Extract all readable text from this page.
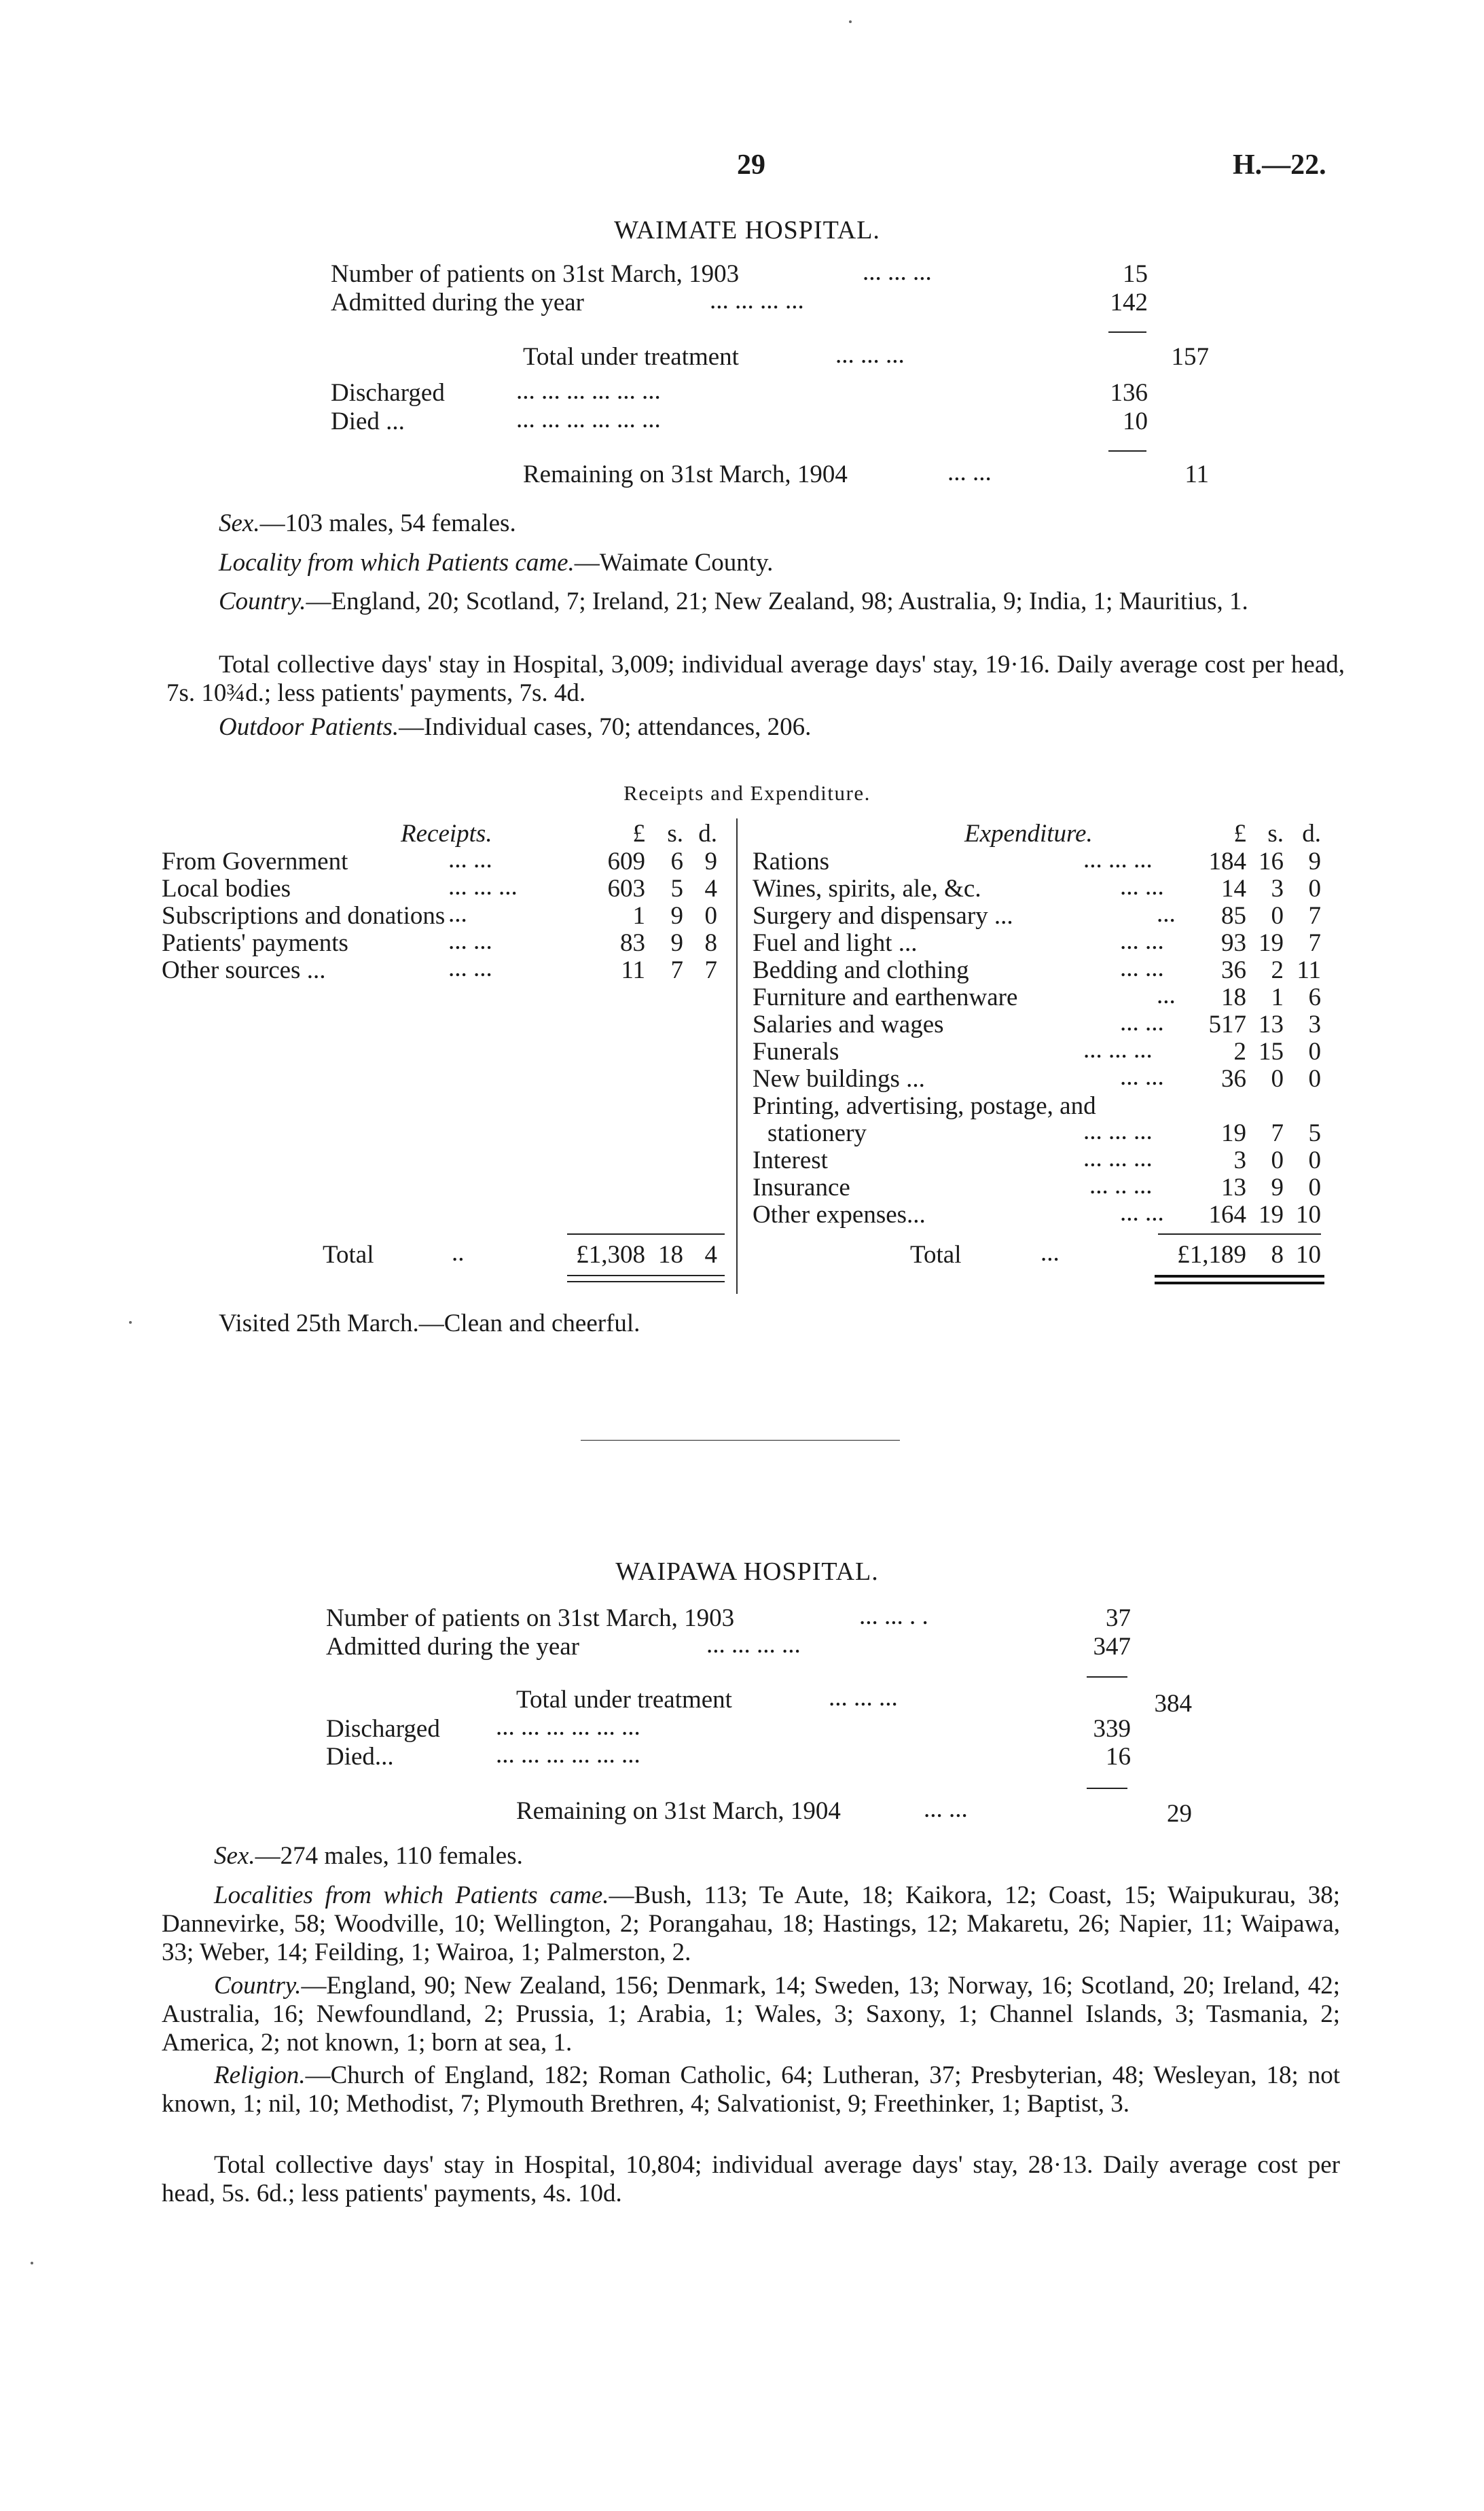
29	H.—22.
WAIMATE HOSPITAL.
Number of patients on 31st March, 1903	... ... ...	15
Admitted during the year	... ... ... ...	142
Total under treatment	... ... ...	157
Discharged	... ... ... ... ... ...	136
Died ...	... ... ... ... ... ...	10
Remaining on 31st March, 1904	... ...	11
Sex.—103 males, 54 females.
Locality from which Patients came.—Waimate County.
Country.—England, 20; Scotland, 7; Ireland, 21; New Zealand, 98; Australia, 9; India, 1; Mauritius, 1.
Total collective days' stay in Hospital, 3,009; individual average days' stay, 19·16. Daily average cost per head, 7s. 10¾d.; less patients' payments, 7s. 4d.
Outdoor Patients.—Individual cases, 70; attendances, 206.
Receipts and Expenditure.
Receipts.	£ s. d.	Expenditure.	£ s. d.
From Government	... ...	609	6 9
Local bodies	... ... ...	603	5 4
Subscriptions and donations ...	1	9 0
Patients' payments	... ...	83	9 8
Other sources ...	... ...	11	7 7
Rations	... ... ... 184 16 9
Wines, spirits, ale, &c.	... ...	14 3 0
Surgery and dispensary ...	...	85 0 7
Fuel and light ...	... ...	93 19 7
Bedding and clothing	... ...	36 2 11
Furniture and earthenware	...	18 1 6
Salaries and wages	... ... 517 13 3
Funerals	... ... ...	2 15 0
New buildings ...	... ...	36 0 0
Printing, advertising, postage, and
stationery	... ... ...	19 7 5
Interest	... ... ...	3 0 0
Insurance	... .. ...	13 9 0
Other expenses...	... ... 164 19 10
Total	..	£1,308 18 4	Total	...	£1,189 8 10
Visited 25th March.—Clean and cheerful.
WAIPAWA HOSPITAL.
Number of patients on 31st March, 1903	... ... . .	37
Admitted during the year	... ... ... ...	347
Total under treatment	... ... ...	384
Discharged ... ... ... ... ... ...	339
Died...	... ... ... ... ... ...	16
Remaining on 31st March, 1904	... ...	29
Sex.—274 males, 110 females.
Localities from which Patients came.—Bush, 113; Te Aute, 18; Kaikora, 12; Coast, 15; Waipukurau, 38; Dannevirke, 58; Woodville, 10; Wellington, 2; Porangahau, 18; Hastings, 12; Makaretu, 26; Napier, 11; Waipawa, 33; Weber, 14; Feilding, 1; Wairoa, 1; Palmerston, 2.
Country.—England, 90; New Zealand, 156; Denmark, 14; Sweden, 13; Norway, 16; Scotland, 20; Ireland, 42; Australia, 16; Newfoundland, 2; Prussia, 1; Arabia, 1; Wales, 3; Saxony, 1; Channel Islands, 3; Tasmania, 2; America, 2; not known, 1; born at sea, 1.
Religion.—Church of England, 182; Roman Catholic, 64; Lutheran, 37; Presbyterian, 48; Wesleyan, 18; not known, 1; nil, 10; Methodist, 7; Plymouth Brethren, 4; Salvationist, 9; Freethinker, 1; Baptist, 3.
Total collective days' stay in Hospital, 10,804; individual average days' stay, 28·13. Daily average cost per head, 5s. 6d.; less patients' payments, 4s. 10d.
